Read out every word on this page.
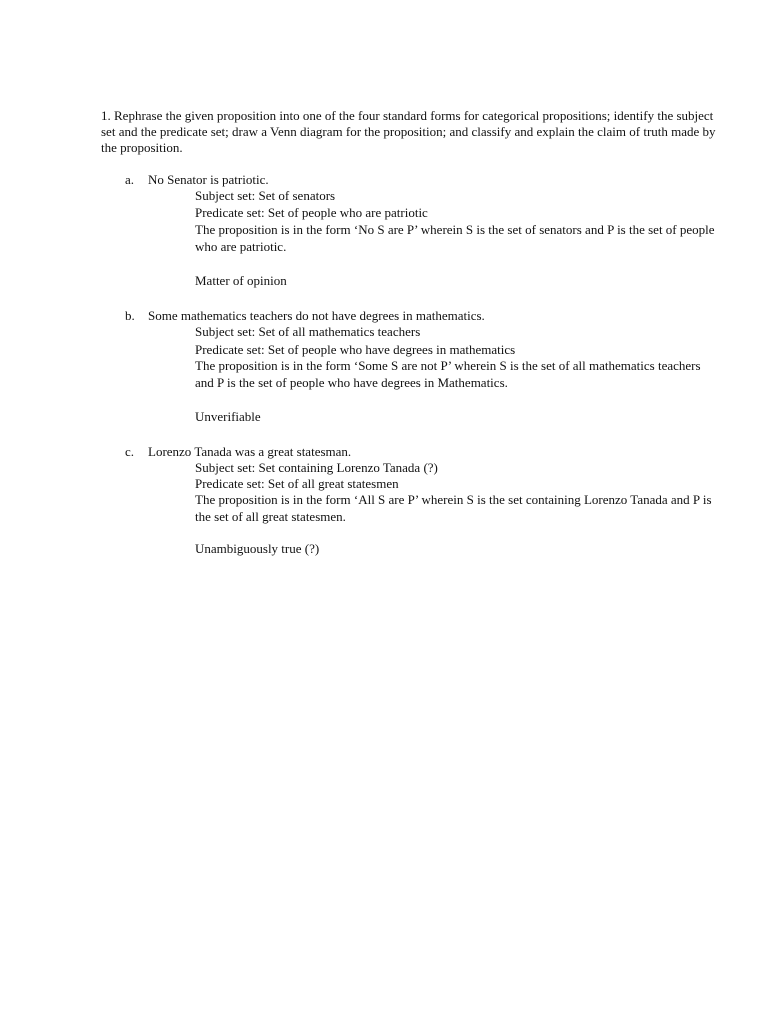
1. Rephrase the given proposition into one of the four standard forms for categorical propositions; identify the subject set and the predicate set; draw a Venn diagram for the proposition; and classify and explain the claim of truth made by the proposition.

a. No Senator is patriotic.

Subject set: Set of senators

Predicate set: Set of people who are patriotic

The proposition is in the form ‘No S are P’ wherein S is the set of senators and P is the set of people who are patriotic.

Matter of opinion
b. Some mathematics teachers do not have degrees in mathematics.

Subject set: Set of all mathematics teachers

Predicate set: Set of people who have degrees in mathematics

The proposition is in the form ‘Some S are not P’ wherein S is the set of all mathematics teachers and P is the set of people who have degrees in Mathematics.

Unverifiable
c. Lorenzo Tanada was a great statesman.

Subject set: Set containing Lorenzo Tanada (?)

Predicate set: Set of all great statesmen

The proposition is in the form ‘All S are P’ wherein S is the set containing Lorenzo Tanada and P is the set of all great statesmen.

Unambiguously true (?)
